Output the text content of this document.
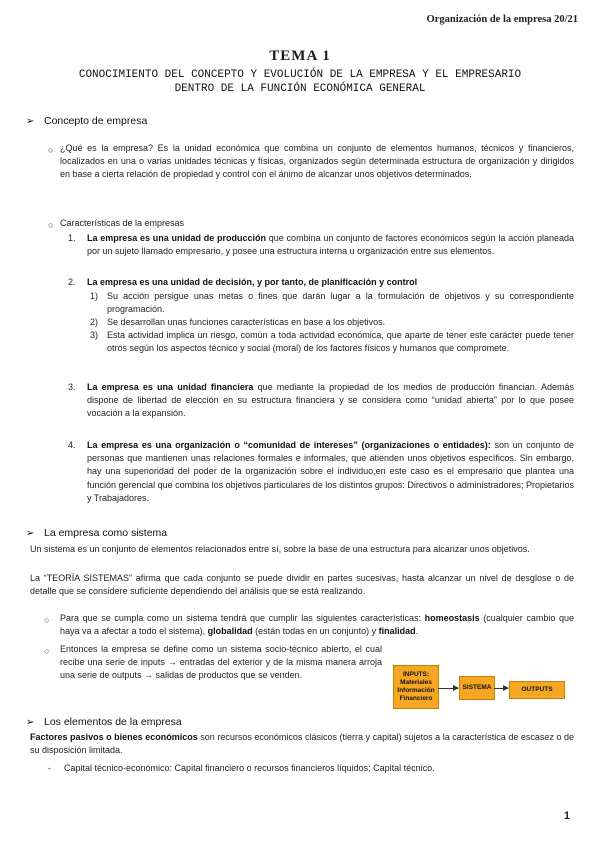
Organización de la empresa 20/21
TEMA 1
CONOCIMIENTO DEL CONCEPTO Y EVOLUCIÓN DE LA EMPRESA Y EL EMPRESARIO
DENTRO DE LA FUNCIÓN ECONÓMICA GENERAL
➢ Concepto de empresa
○ ¿Qué es la empresa? Es la unidad económica que combina un conjunto de elementos humanos, técnicos y financieros, localizados en una o varias unidades técnicas y físicas, organizados según determinada estructura de organización y dirigidos en base a cierta relación de propiedad y control con el ánimo de alcanzar unos objetivos determinados.
○ Características de la empresas
1.	La empresa es una unidad de producción que combina un conjunto de factores económicos según la acción planeada por un sujeto llamado empresario, y posee una estructura interna u organización entre sus elementos.
2.	La empresa es una unidad de decisión, y por tanto, de planificación y control
1) Su acción persigue unas metas o fines que darán lugar a la formulación de objetivos y su correspondiente programación.
2) Se desarrollan unas funciones características en base a los objetivos.
3) Esta actividad implica un riesgo, común a toda actividad económica, que aparte de tener este carácter puede tener otros según los aspectos técnico y social (moral) de los factores físicos y humanos que compromete.
3.	La empresa es una unidad financiera que mediante la propiedad de los medios de producción financian. Además dispone de libertad de elección en su estructura financiera y se considera como “unidad abierta” por lo que posee vocación a la expansión.
4.	La empresa es una organización o “comunidad de intereses” (organizaciones o entidades): son un conjunto de personas que mantienen unas relaciones formales e informales, que atienden unos objetivos específicos. Sin embargo, hay una superioridad del poder de la organización sobre el individuo,en este caso es el empresario que plantea una función gerencial que combina los objetivos particulares de los distintos grupos: Directivos o administradores; Propietarios y Trabajadores.
➢ La empresa como sistema
Un sistema es un conjunto de elementos relacionados entre sí, sobre la base de una estructura para alcanzar unos objetivos.
La “TEORÍA SISTEMAS” afirma que cada conjunto se puede dividir en partes sucesivas, hasta alcanzar un nivel de desglose o de detalle que se considere suficiente dependiendo del análisis que se está realizando.
○ Para que se cumpla como un sistema tendrá que cumplir las siguientes características: homeostasis (cualquier cambio que haya va a afectar a todo el sistema), globalidad (están todas en un conjunto) y finalidad.
○ Entonces la empresa se define como un sistema socio-técnico abierto, el cual recibe una serie de inputs → entradas del exterior y de la misma manera arroja una serie de outputs → salidas de productos que se venden.	INPUTS: Materiales Información Financiero
SISTEMA	OUTPUTS
➢ Los elementos de la empresa
Factores pasivos o bienes económicos son recursos económicos clásicos (tierra y capital) sujetos a la característica de escasez o de su disposición limitada.
- Capital técnico-económico: Capital financiero o recursos financieros líquidos; Capital técnico.
1
